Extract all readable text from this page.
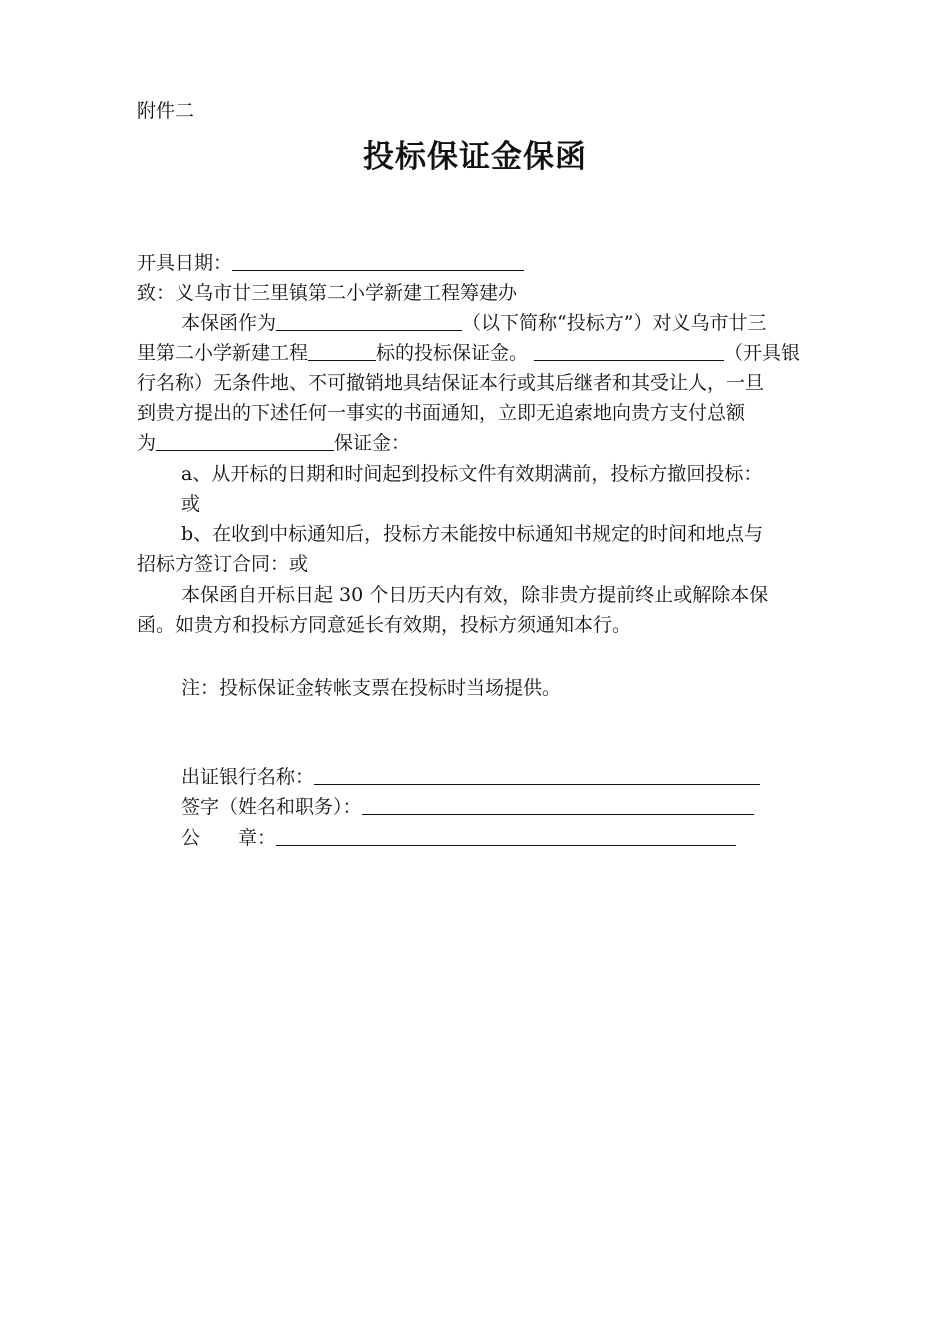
附件二
投标保证金保函
开具日期：
致：义乌市廿三里镇第二小学新建工程筹建办
本保函作为	（以下简称“投标方”）对义乌市廿三
里第二小学新建工程	标的投标保证金。	（开具银
行名称）无条件地、不可撤销地具结保证本行或其后继者和其受让人，一旦
到贵方提出的下述任何一事实的书面通知，立即无追索地向贵方支付总额
为	保证金：
a、从开标的日期和时间起到投标文件有效期满前，投标方撤回投标：
或
b、在收到中标通知后，投标方未能按中标通知书规定的时间和地点与
招标方签订合同：或
本保函自开标日起 30 个日历天内有效，除非贵方提前终止或解除本保
函。如贵方和投标方同意延长有效期，投标方须通知本行。
注：投标保证金转帐支票在投标时当场提供。
出证银行名称：
签字（姓名和职务）：
公　　章：
